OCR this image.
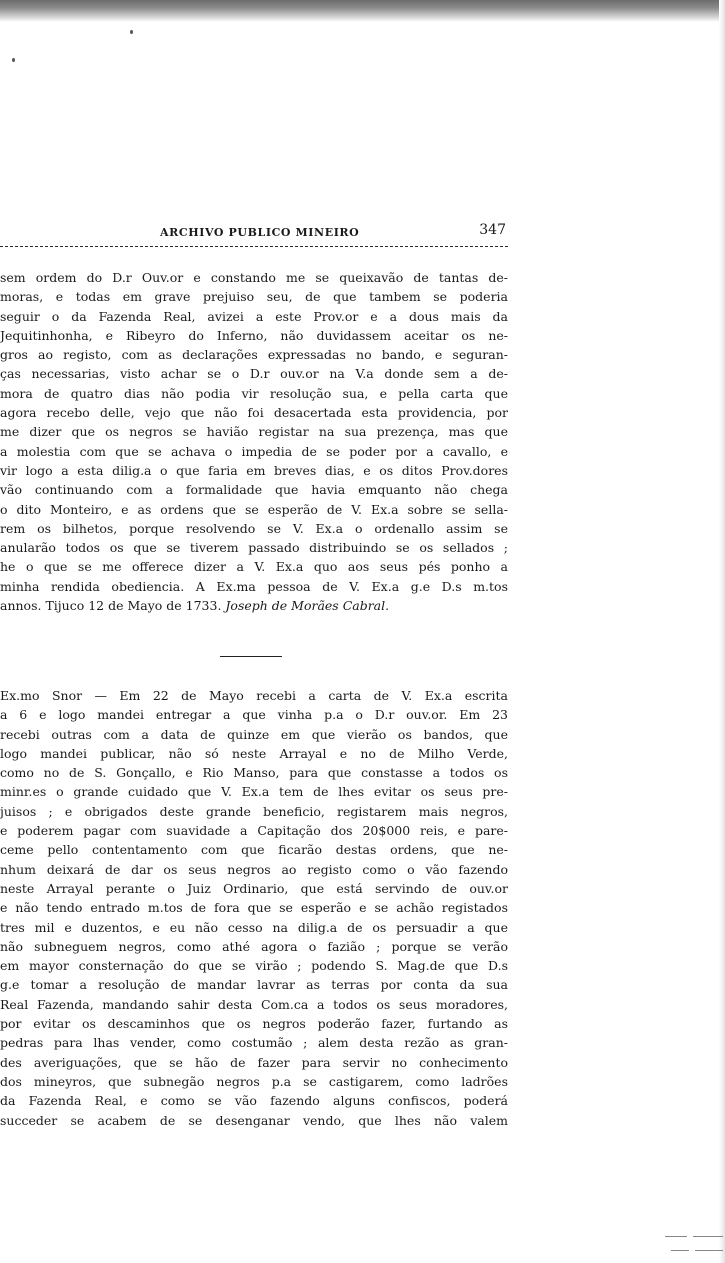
ARCHIVO PUBLICO MINEIRO	347
sem ordem do D.r Ouv.or e constando me se queixavão de tantas de-
moras, e todas em grave prejuiso seu, de que tambem se poderia
seguir o da Fazenda Real, avizei a este Prov.or e a dous mais da
Jequitinhonha, e Ribeyro do Inferno, não duvidassem aceitar os ne-
gros ao registo, com as declarações expressadas no bando, e seguran-
ças necessarias, visto achar se o D.r ouv.or na V.a donde sem a de-
mora de quatro dias não podia vir resolução sua, e pella carta que
agora recebo delle, vejo que não foi desacertada esta providencia, por
me dizer que os negros se havião registar na sua prezença, mas que
a molestia com que se achava o impedia de se poder por a cavallo, e
vir logo a esta dilig.a o que faria em breves dias, e os ditos Prov.dores
vão continuando com a formalidade que havia emquanto não chega
o dito Monteiro, e as ordens que se esperão de V. Ex.a sobre se sella-
rem os bilhetos, porque resolvendo se V. Ex.a o ordenallo assim se
anularão todos os que se tiverem passado distribuindo se os sellados ;
he o que se me offerece dizer a V. Ex.a quo aos seus pés ponho a
minha rendida obediencia. A Ex.ma pessoa de V. Ex.a g.e D.s m.tos
annos. Tijuco 12 de Mayo de 1733. Joseph de Morães Cabral.
Ex.mo Snor — Em 22 de Mayo recebi a carta de V. Ex.a escrita
a 6 e logo mandei entregar a que vinha p.a o D.r ouv.or. Em 23
recebi outras com a data de quinze em que vierão os bandos, que
logo mandei publicar, não só neste Arrayal e no de Milho Verde,
como no de S. Gonçallo, e Rio Manso, para que constasse a todos os
minr.es o grande cuidado que V. Ex.a tem de lhes evitar os seus pre-
juisos ; e obrigados deste grande beneficio, registarem mais negros,
e poderem pagar com suavidade a Capitação dos 20$000 reis, e pare-
ceme pello contentamento com que ficarão destas ordens, que ne-
nhum deixará de dar os seus negros ao registo como o vão fazendo
neste Arrayal perante o Juiz Ordinario, que está servindo de ouv.or
e não tendo entrado m.tos de fora que se esperão e se achão registados
tres mil e duzentos, e eu não cesso na dilig.a de os persuadir a que
não subneguem negros, como athé agora o fazião ; porque se verão
em mayor consternação do que se virão ; podendo S. Mag.de que D.s
g.e tomar a resolução de mandar lavrar as terras por conta da sua
Real Fazenda, mandando sahir desta Com.ca a todos os seus moradores,
por evitar os descaminhos que os negros poderão fazer, furtando as
pedras para lhas vender, como costumão ; alem desta rezão as gran-
des averiguações, que se hão de fazer para servir no conhecimento
dos mineyros, que subnegão negros p.a se castigarem, como ladrões
da Fazenda Real, e como se vão fazendo alguns confiscos, poderá
succeder se acabem de se desenganar vendo, que lhes não valem
